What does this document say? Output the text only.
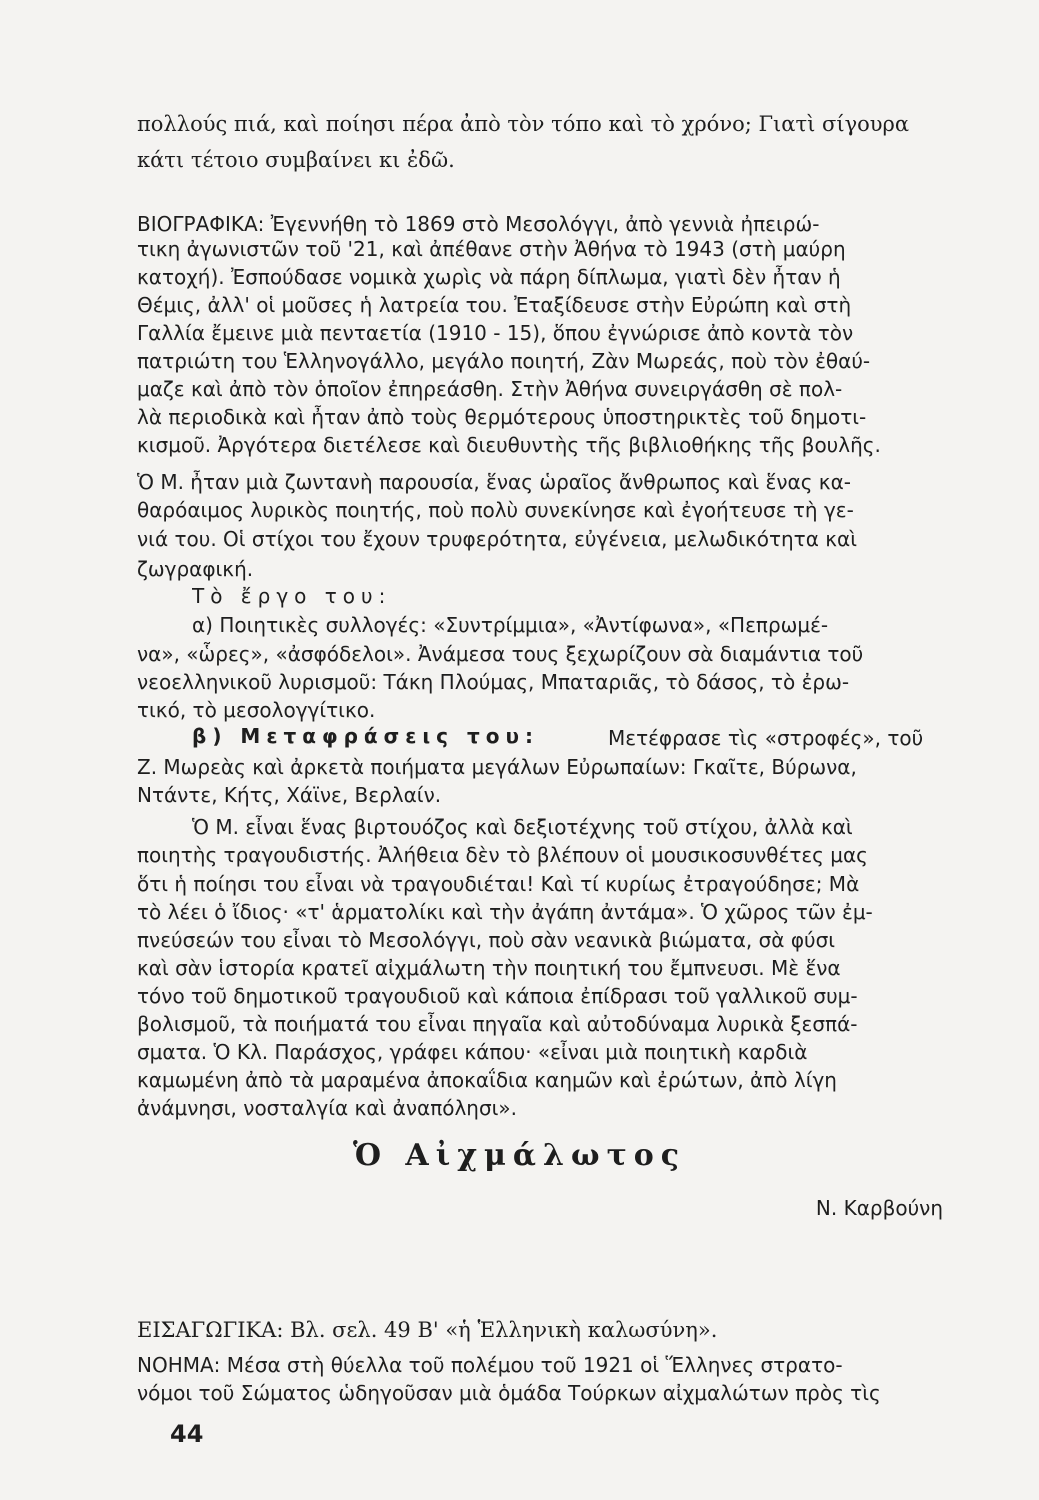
πολλούς πιά, καὶ ποίησι πέρα ἀπὸ τὸν τόπο καὶ τὸ χρόνο; Γιατὶ σίγουρα
κάτι τέτοιο συμβαίνει κι ἐδῶ.
ΒΙΟΓΡΑΦΙΚΑ: Ἐγεννήθη τὸ 1869 στὸ Μεσολόγγι, ἀπὸ γεννιὰ ἠπειρώ-
τικη ἀγωνιστῶν τοῦ '21, καὶ ἀπέθανε στὴν Ἀθήνα τὸ 1943 (στὴ μαύρη
κατοχή). Ἐσπούδασε νομικὰ χωρὶς νὰ πάρη δίπλωμα, γιατὶ δὲν ἦταν ἡ
Θέμις, ἀλλ' οἱ μοῦσες ἡ λατρεία του. Ἐταξίδευσε στὴν Εὐρώπη καὶ στὴ
Γαλλία ἔμεινε μιὰ πενταετία (1910 - 15), ὅπου ἐγνώρισε ἀπὸ κοντὰ τὸν
πατριώτη του Ἑλληνογάλλο, μεγάλο ποιητή, Ζὰν Μωρεάς, ποὺ τὸν ἐθαύ-
μαζε καὶ ἀπὸ τὸν ὁποῖον ἐπηρεάσθη. Στὴν Ἀθήνα συνειργάσθη σὲ πολ-
λὰ περιοδικὰ καὶ ἦταν ἀπὸ τοὺς θερμότερους ὑποστηρικτὲς τοῦ δημοτι-
κισμοῦ. Ἀργότερα διετέλεσε καὶ διευθυντὴς τῆς βιβλιοθήκης τῆς βουλῆς.
Ὁ Μ. ἦταν μιὰ ζωντανὴ παρουσία, ἕνας ὡραῖος ἄνθρωπος καὶ ἕνας κα-
θαρόαιμος λυρικὸς ποιητής, ποὺ πολὺ συνεκίνησε καὶ ἐγοήτευσε τὴ γε-
νιά του. Οἱ στίχοι του ἔχουν τρυφερότητα, εὐγένεια, μελωδικότητα καὶ
ζωγραφική.
Τὸ ἔργο του:
α) Ποιητικὲς συλλογές: «Συντρίμμια», «Ἀντίφωνα», «Πεπρωμέ-
να», «ὧρες», «ἀσφόδελοι». Ἀνάμεσα τους ξεχωρίζουν σὰ διαμάντια τοῦ
νεοελληνικοῦ λυρισμοῦ: Τάκη Πλούμας, Μπαταριᾶς, τὸ δάσος, τὸ ἐρω-
τικό, τὸ μεσολογγίτικο.
β) Μεταφράσεις του:	Μετέφρασε τὶς «στροφές», τοῦ
Ζ. Μωρεὰς καὶ ἀρκετὰ ποιήματα μεγάλων Εὐρωπαίων: Γκαῖτε, Βύρωνα,
Ντάντε, Κήτς, Χάϊνε, Βερλαίν.
Ὁ Μ. εἶναι ἕνας βιρτουόζος καὶ δεξιοτέχνης τοῦ στίχου, ἀλλὰ καὶ
ποιητὴς τραγουδιστής. Ἀλήθεια δὲν τὸ βλέπουν οἱ μουσικοσυνθέτες μας
ὅτι ἡ ποίησι του εἶναι νὰ τραγουδιέται! Καὶ τί κυρίως ἐτραγούδησε; Μὰ
τὸ λέει ὁ ἴδιος· «τ' ἁρματολίκι καὶ τὴν ἀγάπη ἀντάμα». Ὁ χῶρος τῶν ἐμ-
πνεύσεών του εἶναι τὸ Μεσολόγγι, ποὺ σὰν νεανικὰ βιώματα, σὰ φύσι
καὶ σὰν ἱστορία κρατεῖ αἰχμάλωτη τὴν ποιητική του ἔμπνευσι. Μὲ ἕνα
τόνο τοῦ δημοτικοῦ τραγουδιοῦ καὶ κάποια ἐπίδρασι τοῦ γαλλικοῦ συμ-
βολισμοῦ, τὰ ποιήματά του εἶναι πηγαῖα καὶ αὐτοδύναμα λυρικὰ ξεσπά-
σματα. Ὁ Κλ. Παράσχος, γράφει κάπου· «εἶναι μιὰ ποιητικὴ καρδιὰ
καμωμένη ἀπὸ τὰ μαραμένα ἀποκαΐδια καημῶν καὶ ἐρώτων, ἀπὸ λίγη
ἀνάμνησι, νοσταλγία καὶ ἀναπόλησι».
Ὁ Αἰχμάλωτος
Ν. Καρβούνη
ΕΙΣΑΓΩΓΙΚΑ: Βλ. σελ. 49 Β' «ἡ Ἑλληνικὴ καλωσύνη».
ΝΟΗΜΑ: Μέσα στὴ θύελλα τοῦ πολέμου τοῦ 1921 οἱ Ἕλληνες στρατο-
νόμοι τοῦ Σώματος ὡδηγοῦσαν μιὰ ὁμάδα Τούρκων αἰχμαλώτων πρὸς τὶς
44
